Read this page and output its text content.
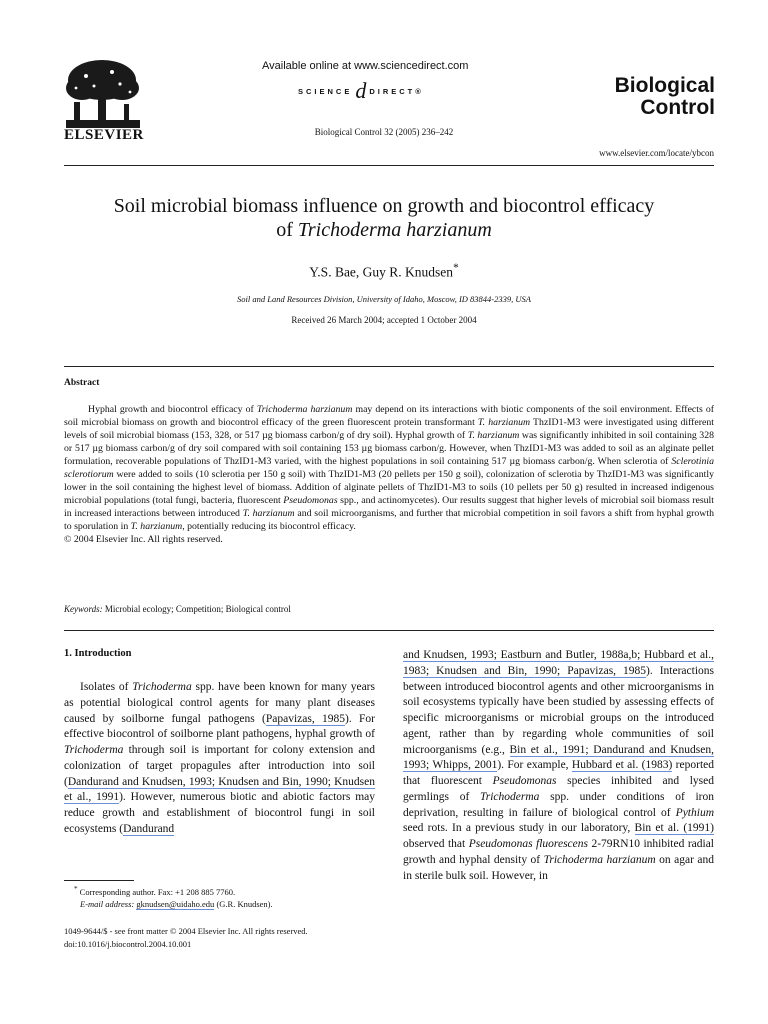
ELSEVIER
Available online at www.sciencedirect.com
SCIENCE d DIRECT®
Biological Control 32 (2005) 236–242
Biological
Control
www.elsevier.com/locate/ybcon
Soil microbial biomass influence on growth and biocontrol efficacy
of Trichoderma harzianum
Y.S. Bae, Guy R. Knudsen*
Soil and Land Resources Division, University of Idaho, Moscow, ID 83844-2339, USA
Received 26 March 2004; accepted 1 October 2004
Abstract
Hyphal growth and biocontrol efficacy of Trichoderma harzianum may depend on its interactions with biotic components of the soil environment. Effects of soil microbial biomass on growth and biocontrol efficacy of the green fluorescent protein transformant T. harzianum ThzID1-M3 were investigated using different levels of soil microbial biomass (153, 328, or 517 µg biomass carbon/g of dry soil). Hyphal growth of T. harzianum was significantly inhibited in soil containing 328 or 517 µg biomass carbon/g of dry soil compared with soil containing 153 µg biomass carbon/g. However, when ThzID1-M3 was added to soil as an alginate pellet formulation, recoverable populations of ThzID1-M3 varied, with the highest populations in soil containing 517 µg biomass carbon/g. When sclerotia of Sclerotinia sclerotiorum were added to soils (10 sclerotia per 150 g soil) with ThzID1-M3 (20 pellets per 150 g soil), colonization of sclerotia by ThzID1-M3 was significantly lower in the soil containing the highest level of biomass. Addition of alginate pellets of ThzID1-M3 to soils (10 pellets per 50 g) resulted in increased indigenous microbial populations (total fungi, bacteria, fluorescent Pseudomonas spp., and actinomycetes). Our results suggest that higher levels of microbial soil biomass result in increased interactions between introduced T. harzianum and soil microorganisms, and further that microbial competition in soil favors a shift from hyphal growth to sporulation in T. harzianum, potentially reducing its biocontrol efficacy.
© 2004 Elsevier Inc. All rights reserved.
Keywords: Microbial ecology; Competition; Biological control
1. Introduction
Isolates of Trichoderma spp. have been known for many years as potential biological control agents for many plant diseases caused by soilborne fungal pathogens (Papavizas, 1985). For effective biocontrol of soilborne plant pathogens, hyphal growth of Trichoderma through soil is important for colony extension and colonization of target propagules after introduction into soil (Dandurand and Knudsen, 1993; Knudsen and Bin, 1990; Knudsen et al., 1991). However, numerous biotic and abiotic factors may reduce growth and establishment of biocontrol fungi in soil ecosystems (Dandurand
and Knudsen, 1993; Eastburn and Butler, 1988a,b; Hubbard et al., 1983; Knudsen and Bin, 1990; Papavizas, 1985). Interactions between introduced biocontrol agents and other microorganisms in soil ecosystems typically have been studied by assessing effects of specific microorganisms or microbial groups on the introduced agent, rather than by regarding whole communities of soil microorganisms (e.g., Bin et al., 1991; Dandurand and Knudsen, 1993; Whipps, 2001). For example, Hubbard et al. (1983) reported that fluorescent Pseudomonas species inhibited and lysed germlings of Trichoderma spp. under conditions of iron deprivation, resulting in failure of biological control of Pythium seed rots. In a previous study in our laboratory, Bin et al. (1991) observed that Pseudomonas fluorescens 2-79RN10 inhibited radial growth and hyphal density of Trichoderma harzianum on agar and in sterile bulk soil. However, in
* Corresponding author. Fax: +1 208 885 7760.
E-mail address: gknudsen@uidaho.edu (G.R. Knudsen).
1049-9644/$ - see front matter © 2004 Elsevier Inc. All rights reserved.
doi:10.1016/j.biocontrol.2004.10.001
